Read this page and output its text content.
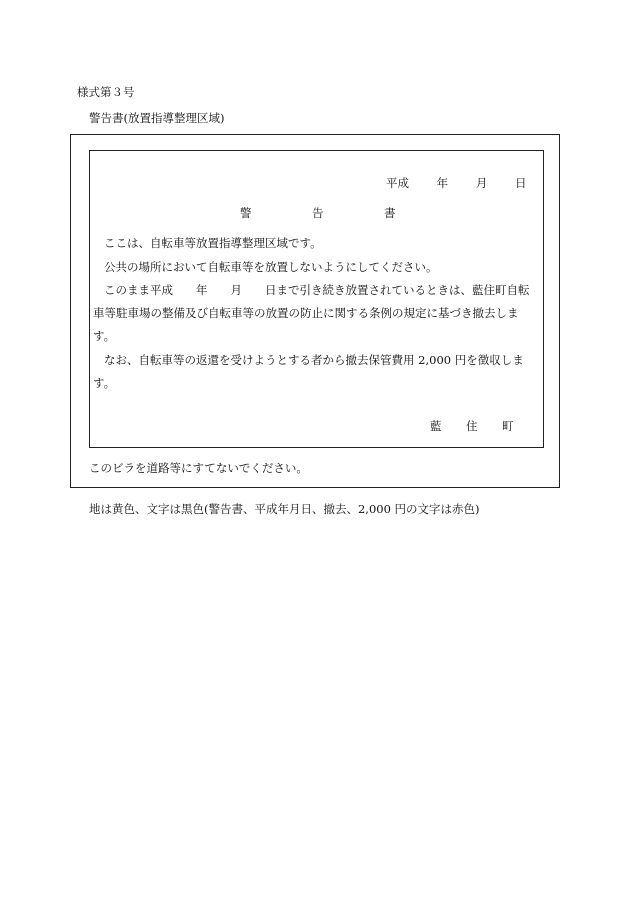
様式第３号
警告書(放置指導整理区域)
平成 年 月 日
警	告	書
ここは、自転車等放置指導整理区域です。
公共の場所において自転車等を放置しないようにしてください。
このまま平成　　年　　月　　日まで引き続き放置されているときは、藍住町自転車等駐車場の整備及び自転車等の放置の防止に関する条例の規定に基づき撤去します。
なお、自転車等の返還を受けようとする者から撤去保管費用 2,000 円を徴収します。
藍 住 町
このビラを道路等にすてないでください。
地は黄色、文字は黒色(警告書、平成年月日、撤去、2,000 円の文字は赤色)
